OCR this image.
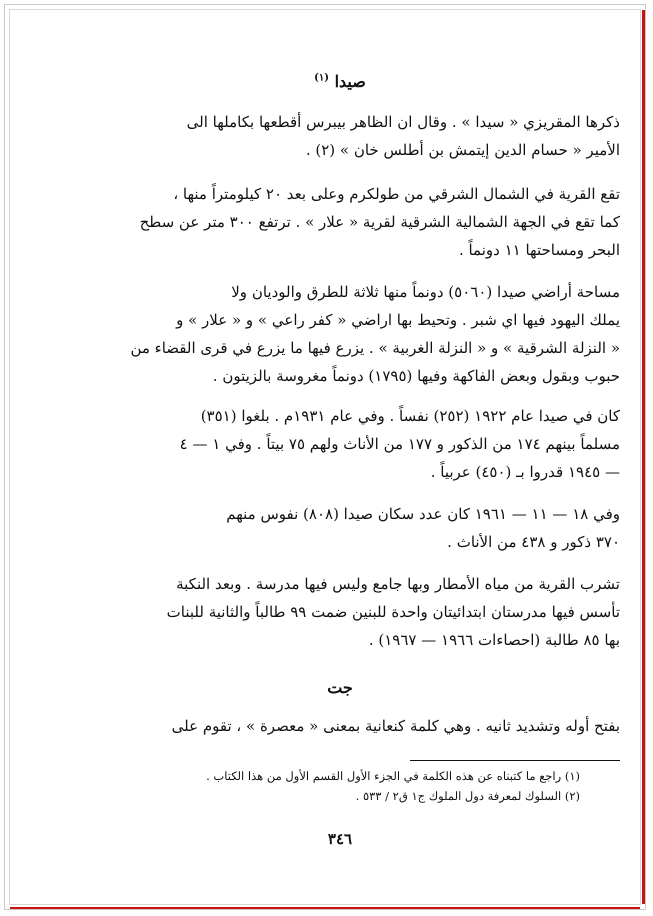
صيدا $^{(١)}$

ذكرها المقريزي « سيدا » . وقال ان الظاهر بيبرس أقطعها بكاملها الى
الأمير « حسام الدين إيتمش بن أطلس خان » (٢) .

تقع القرية في الشمال الشرقي من طولكرم وعلى بعد ٢٠ كيلومتراً منها ،
كما تقع في الجهة الشمالية الشرقية لقرية « علار » . ترتفع ٣٠٠ متر عن سطح
البحر ومساحتها ١١ دونماً .

مساحة أراضي صيدا (٥٠٦٠) دونماً منها ثلاثة للطرق والوديان ولا
يملك اليهود فيها اي شبر . وتحيط بها اراضي « كفر راعي » و « علار » و
« النزلة الشرقية » و « النزلة الغربية » . يزرع فيها ما يزرع في قرى القضاء من
حبوب وبقول وبعض الفاكهة وفيها (١٧٩٥) دونماً مغروسة بالزيتون .

كان في صيدا عام ١٩٢٢ (٢٥٢) نفساً . وفي عام ١٩٣١م . بلغوا (٣٥١)
مسلماً بينهم ١٧٤ من الذكور و ١٧٧ من الأناث ولهم ٧٥ بيتاً . وفي ١ — ٤
— ١٩٤٥ قدروا بـ (٤٥٠) عربياً .

وفي ١٨ — ١١ — ١٩٦١ كان عدد سكان صيدا (٨٠٨) نفوس منهم
٣٧٠ ذكور و ٤٣٨ من الأناث .

تشرب القرية من مياه الأمطار وبها جامع وليس فيها مدرسة . وبعد النكبة
تأسس فيها مدرستان ابتدائيتان واحدة للبنين ضمت ٩٩ طالباً والثانية للبنات
بها ٨٥ طالبة (احصاءات ١٩٦٦ — ١٩٦٧) .

جت

بفتح أوله وتشديد ثانيه . وهي كلمة كنعانية بمعنى « معصرة » ، تقوم على

(١) راجع ما كتبناه عن هذه الكلمة في الجزء الأول القسم الأول من هذا الكتاب .
(٢) السلوك لمعرفة دول الملوك ج١ ق٢ / ٥٣٣ .
٣٤٦
